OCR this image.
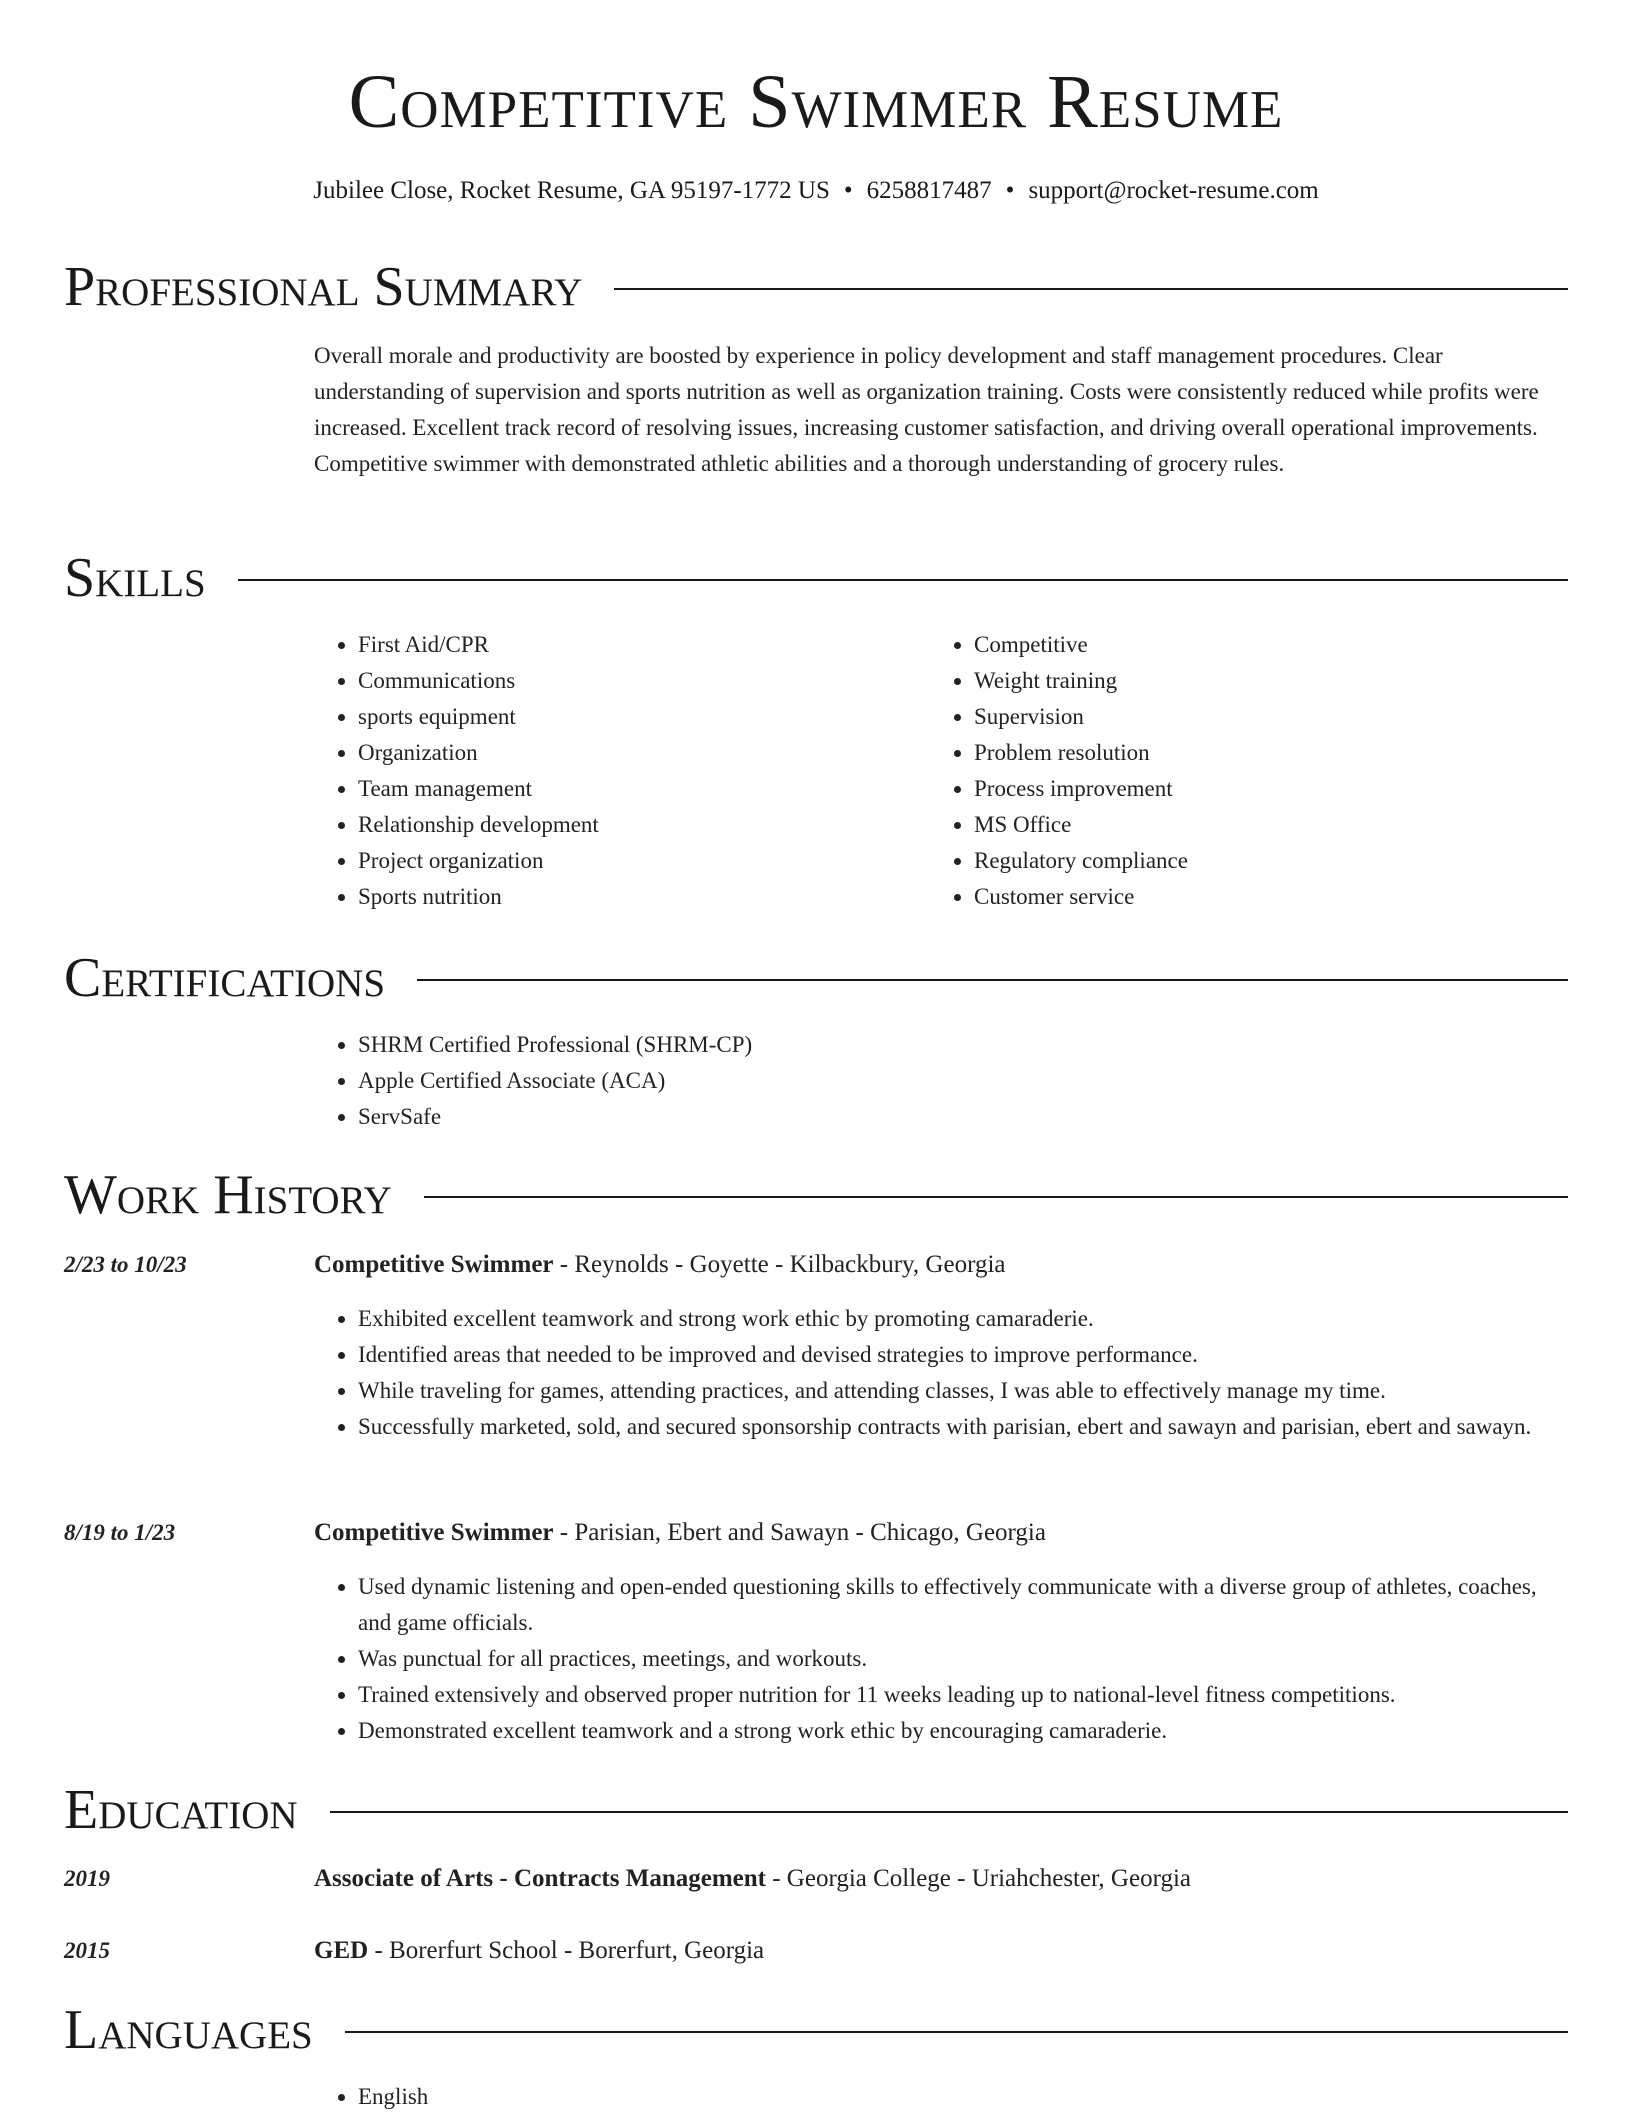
Competitive Swimmer Resume
Jubilee Close, Rocket Resume, GA 95197-1772 US • 6258817487 • support@rocket-resume.com
Professional Summary

Overall morale and productivity are boosted by experience in policy development and staff management procedures. Clear understanding of supervision and sports nutrition as well as organization training. Costs were consistently reduced while profits were increased. Excellent track record of resolving issues, increasing customer satisfaction, and driving overall operational improvements. Competitive swimmer with demonstrated athletic abilities and a thorough understanding of grocery rules.

Skills
• First Aid/CPR
• Communications
• sports equipment
• Organization
• Team management
• Relationship development
• Project organization
• Sports nutrition
• Competitive
• Weight training
• Supervision
• Problem resolution
• Process improvement
• MS Office
• Regulatory compliance
• Customer service
Certifications
• SHRM Certified Professional (SHRM-CP)
• Apple Certified Associate (ACA)
• ServSafe
Work History
2/23 to 10/23	Competitive Swimmer - Reynolds - Goyette - Kilbackbury, Georgia
• Exhibited excellent teamwork and strong work ethic by promoting camaraderie.
• Identified areas that needed to be improved and devised strategies to improve performance.
• While traveling for games, attending practices, and attending classes, I was able to effectively manage my time.
• Successfully marketed, sold, and secured sponsorship contracts with parisian, ebert and sawayn and parisian, ebert and sawayn.
8/19 to 1/23	Competitive Swimmer - Parisian, Ebert and Sawayn - Chicago, Georgia
• Used dynamic listening and open-ended questioning skills to effectively communicate with a diverse group of athletes, coaches, and game officials.
• Was punctual for all practices, meetings, and workouts.
• Trained extensively and observed proper nutrition for 11 weeks leading up to national-level fitness competitions.
• Demonstrated excellent teamwork and a strong work ethic by encouraging camaraderie.
Education
2019	Associate of Arts - Contracts Management - Georgia College - Uriahchester, Georgia
2015	GED - Borerfurt School - Borerfurt, Georgia
Languages
• English
